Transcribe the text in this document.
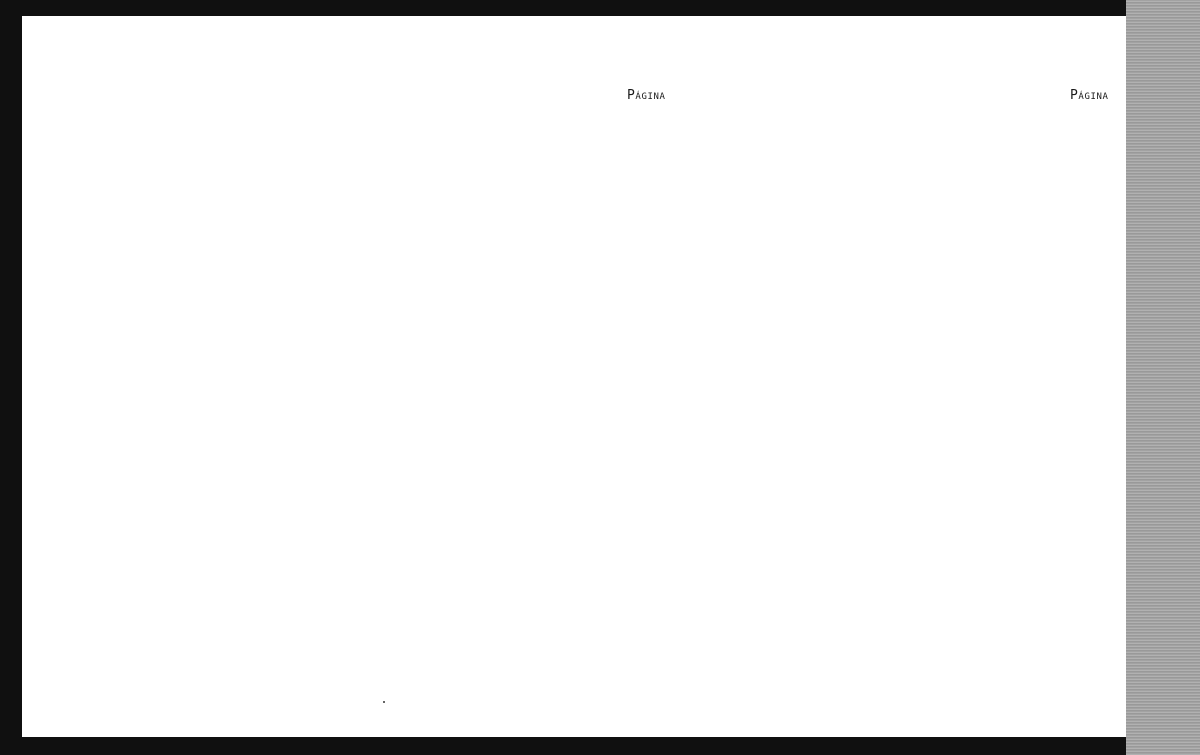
Página	Página
